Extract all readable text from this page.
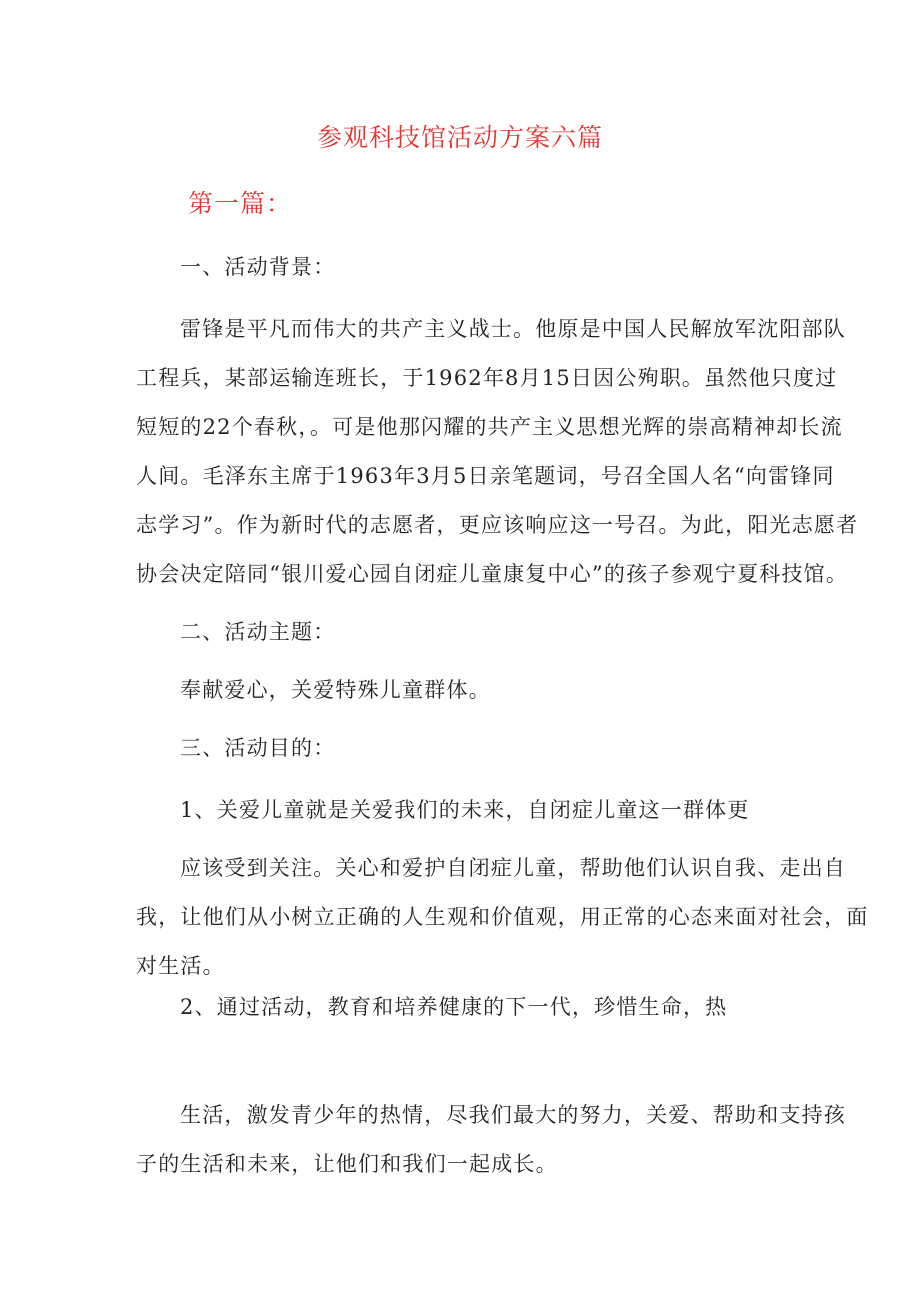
参观科技馆活动方案六篇
第一篇：
一、活动背景：
雷锋是平凡而伟大的共产主义战士。他原是中国人民解放军沈阳部队
工程兵，某部运输连班长，于1962年8月15日因公殉职。虽然他只度过
短短的22个春秋，。可是他那闪耀的共产主义思想光辉的崇高精神却长流
人间。毛泽东主席于1963年3月5日亲笔题词，号召全国人名“向雷锋同
志学习”。作为新时代的志愿者，更应该响应这一号召。为此，阳光志愿者
协会决定陪同“银川爱心园自闭症儿童康复中心”的孩子参观宁夏科技馆。
二、活动主题：
奉献爱心，关爱特殊儿童群体。
三、活动目的：
1、关爱儿童就是关爱我们的未来，自闭症儿童这一群体更
应该受到关注。关心和爱护自闭症儿童，帮助他们认识自我、走出自
我，让他们从小树立正确的人生观和价值观，用正常的心态来面对社会，面
对生活。
2、通过活动，教育和培养健康的下一代，珍惜生命，热
生活，激发青少年的热情，尽我们最大的努力，关爱、帮助和支持孩
子的生活和未来，让他们和我们一起成长。
